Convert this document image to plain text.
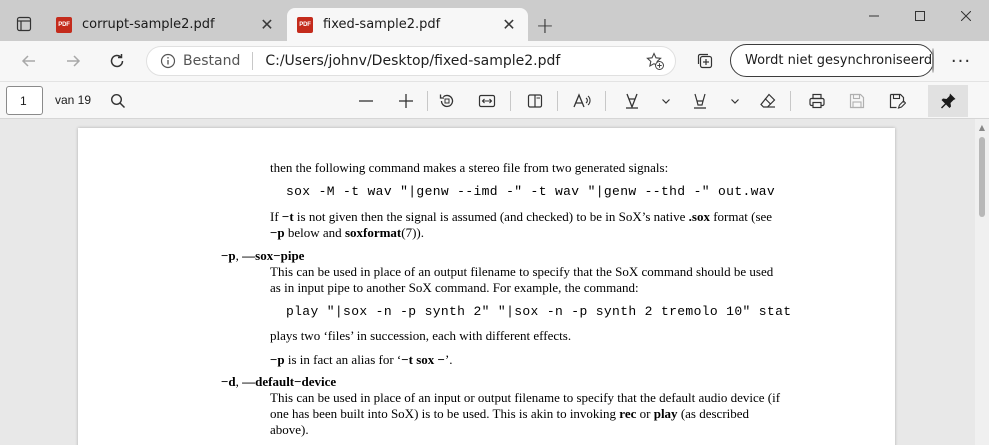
PDF corrupt-sample2.pdf	✕	PDF fixed-sample2.pdf	✕ +
Bestand C:/Users/johnv/Desktop/fixed-sample2.pdf	Wordt niet gesynchroniseerd ···
1	van 19
then the following command makes a stereo file from two generated signals:
sox -M -t wav "|genw --imd -" -t wav "|genw --thd -" out.wav
If −t is not given then the signal is assumed (and checked) to be in SoX’s native .sox format (see
−p below and soxformat(7)).
−p, —sox−pipe
This can be used in place of an output filename to specify that the SoX command should be used
as in input pipe to another SoX command. For example, the command:
play "|sox -n -p synth 2" "|sox -n -p synth 2 tremolo 10" stat
plays two ‘files’ in succession, each with different effects.
−p is in fact an alias for ‘−t sox −’.
−d, —default−device
This can be used in place of an input or output filename to specify that the default audio device (if
one has been built into SoX) is to be used. This is akin to invoking rec or play (as described
above).
▲
